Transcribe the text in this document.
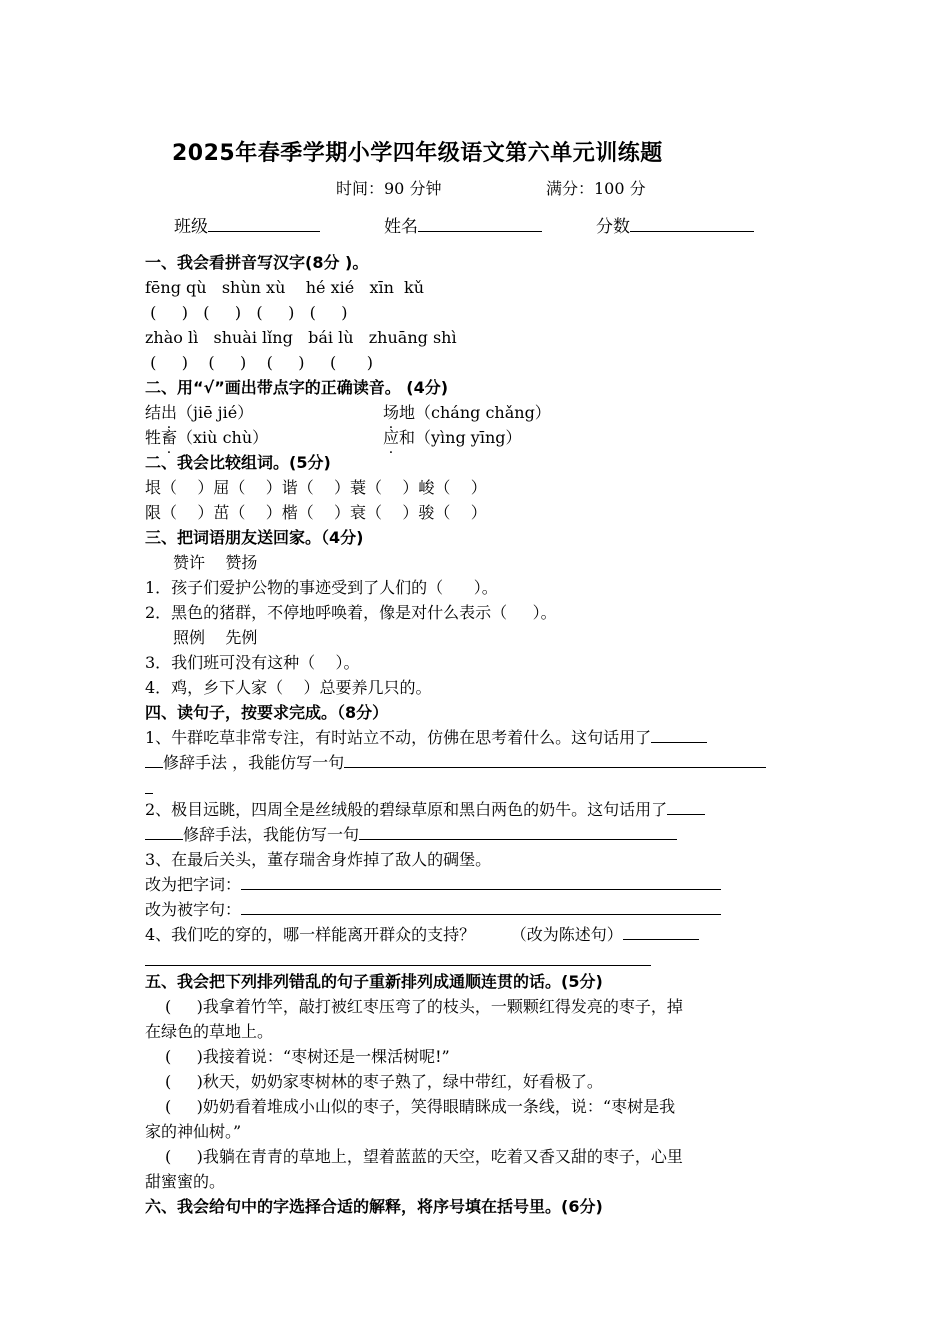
2025年春季学期小学四年级语文第六单元训练题
时间：90 分钟	满分：100 分
班级	姓名	分数
一、我会看拼音写汉字(8分 )。
fēng qù   shùn xù    hé xié   xīn  kǔ
(     )   (     )   (     )   (     )
zhào lì   shuài lǐng   bái lù   zhuāng shì
(     )    (     )    (     )     (      )
二、用“√”画出带点字的正确读音。 (4分)
结出（jiē jié）	场地（cháng chǎng）
牲畜（xiù chù）	应和（yìng yīng）
二、我会比较组词。(5分)
垠（    ）屈（    ）谐（    ）蓑（    ）峻（    ）
限（    ）茁（    ）楷（    ）衰（    ）骏（    ）
三、把词语朋友送回家。（4分)
赞许    赞扬
1．孩子们爱护公物的事迹受到了人们的（      ）。
2．黑色的猪群，不停地呼唤着，像是对什么表示（     ）。
照例    先例
3．我们班可没有这种（    ）。
4．鸡，乡下人家（    ）总要养几只的。
四、读句子，按要求完成。（8分）
1、牛群吃草非常专注，有时站立不动，仿佛在思考着什么。这句话用了
修辞手法 ，我能仿写一句
2、极目远眺，四周全是丝绒般的碧绿草原和黑白两色的奶牛。这句话用了
修辞手法，我能仿写一句
3、在最后关头，董存瑞舍身炸掉了敌人的碉堡。
改为把字词：
改为被字句：
4、我们吃的穿的，哪一样能离开群众的支持？       （改为陈述句）
五、我会把下列排列错乱的句子重新排列成通顺连贯的话。(5分)
(     )我拿着竹竿，敲打被红枣压弯了的枝头，一颗颗红得发亮的枣子，掉
在绿色的草地上。
(     )我接着说：“枣树还是一棵活树呢!”
(     )秋天，奶奶家枣树林的枣子熟了，绿中带红，好看极了。
(     )奶奶看着堆成小山似的枣子，笑得眼睛眯成一条线，说：“枣树是我
家的神仙树。”
(     )我躺在青青的草地上，望着蓝蓝的天空，吃着又香又甜的枣子，心里
甜蜜蜜的。
六、我会给句中的字选择合适的解释，将序号填在括号里。(6分)
